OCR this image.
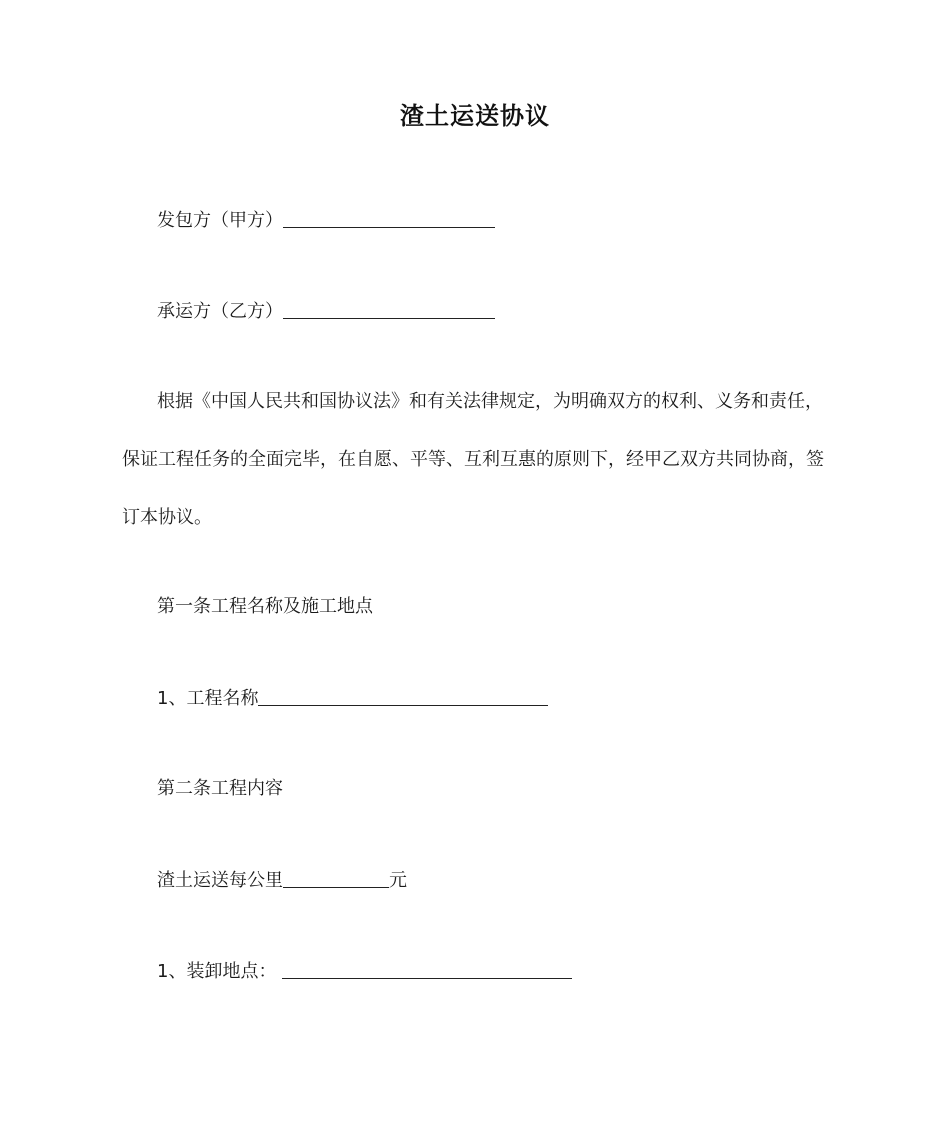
渣土运送协议
发包方（甲方）
承运方（乙方）
根据《中国人民共和国协议法》和有关法律规定，为明确双方的权利、义务和责任，
保证工程任务的全面完毕，在自愿、平等、互利互惠的原则下，经甲乙双方共同协商，签
订本协议。
第一条工程名称及施工地点
1、工程名称
第二条工程内容
渣土运送每公里	元
1、装卸地点：
